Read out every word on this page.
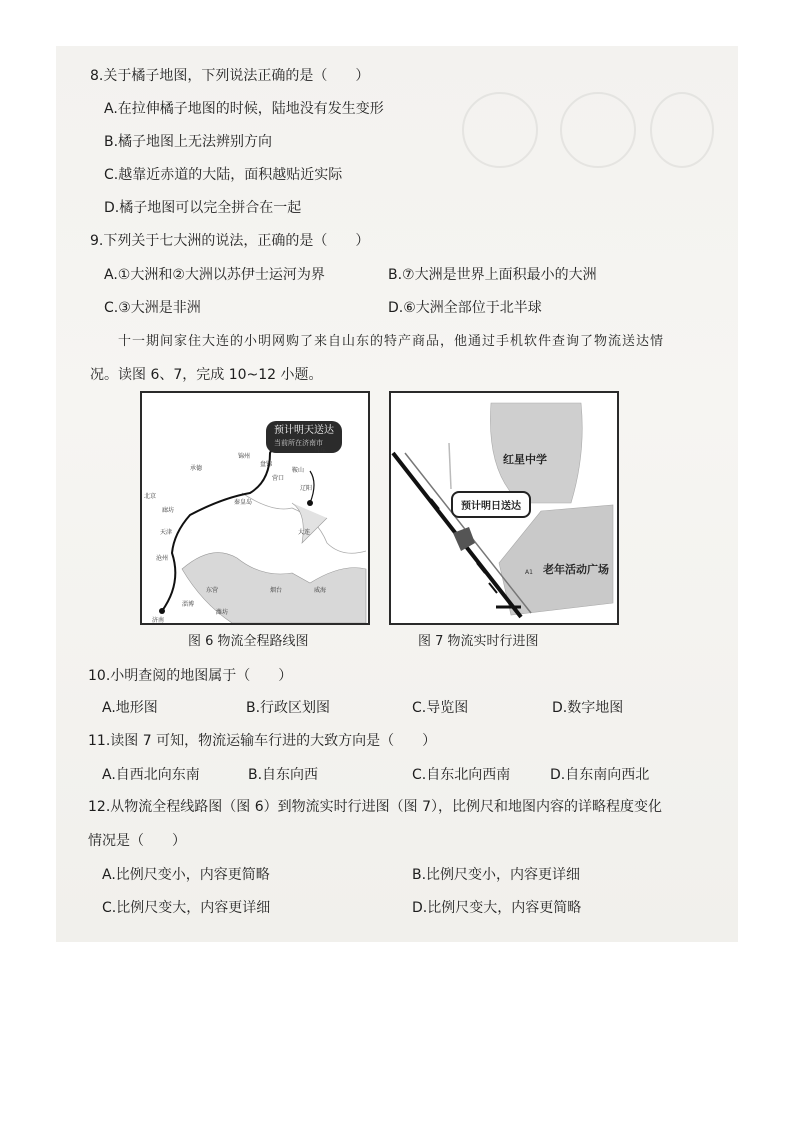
8.关于橘子地图，下列说法正确的是（　　）
A.在拉伸橘子地图的时候，陆地没有发生变形
B.橘子地图上无法辨别方向
C.越靠近赤道的大陆，面积越贴近实际
D.橘子地图可以完全拼合在一起
9.下列关于七大洲的说法，正确的是（　　）
A.①大洲和②大洲以苏伊士运河为界	B.⑦大洲是世界上面积最小的大洲
C.③大洲是非洲	D.⑥大洲全部位于北半球
十一期间家住大连的小明网购了来自山东的特产商品，他通过手机软件查询了物流送达情
况。读图 6、7，完成 10~12 小题。
预计明天送达
当前所在济南市
北京
廊坊
天津
沧州
东营
潍坊
烟台	威海
淄博
济南
承德
秦皇岛
丹东
大连
营口
锦州
盘锦
鞍山
辽阳
图 6 物流全程路线图
红星中学
老年活动广场
A1
预计明日送达
图 7 物流实时行进图
10.小明查阅的地图属于（　　）
A.地形图	B.行政区划图	C.导览图	D.数字地图
11.读图 7 可知，物流运输车行进的大致方向是（　　）
A.自西北向东南	B.自东向西	C.自东北向西南	D.自东南向西北
12.从物流全程线路图（图 6）到物流实时行进图（图 7），比例尺和地图内容的详略程度变化
情况是（　　）
A.比例尺变小，内容更简略	B.比例尺变小，内容更详细
C.比例尺变大，内容更详细	D.比例尺变大，内容更简略
